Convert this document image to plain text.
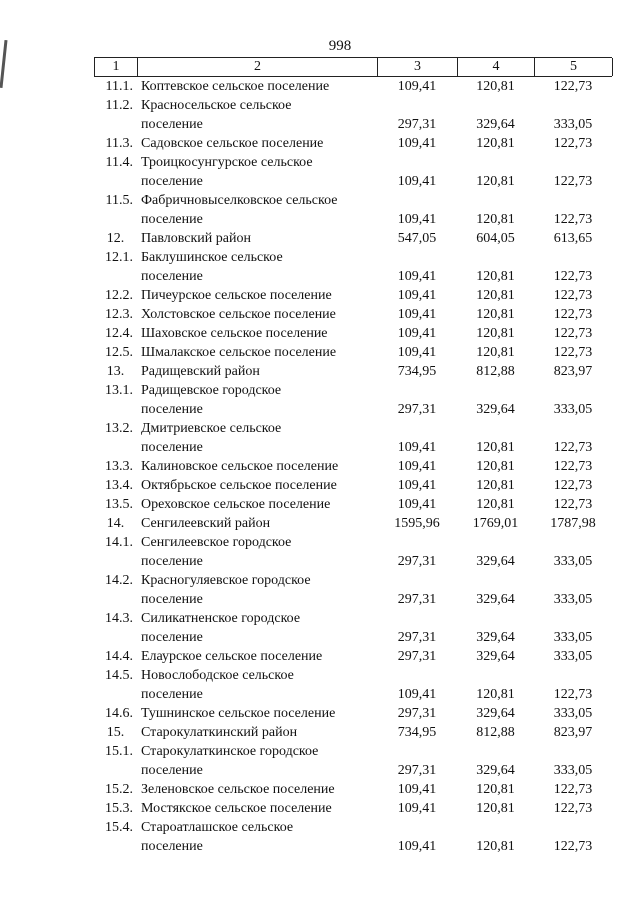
998
1	2	3	4	5
11.1. Коптевское сельское поселение	109,41	120,81	122,73
11.2. Красносельское сельское
поселение	297,31	329,64	333,05
11.3. Садовское сельское поселение	109,41	120,81	122,73
11.4. Троицкосунгурское сельское
поселение	109,41	120,81	122,73
11.5. Фабричновыселковское сельское
поселение	109,41	120,81	122,73
12.	Павловский район	547,05	604,05	613,65
12.1. Баклушинское сельское
поселение	109,41	120,81	122,73
12.2. Пичеурское сельское поселение	109,41	120,81	122,73
12.3. Холстовское сельское поселение	109,41	120,81	122,73
12.4. Шаховское сельское поселение	109,41	120,81	122,73
12.5. Шмалакское сельское поселение	109,41	120,81	122,73
13.	Радищевский район	734,95	812,88	823,97
13.1. Радищевское городское
поселение	297,31	329,64	333,05
13.2. Дмитриевское сельское
поселение	109,41	120,81	122,73
13.3. Калиновское сельское поселение	109,41	120,81	122,73
13.4. Октябрьское сельское поселение	109,41	120,81	122,73
13.5. Ореховское сельское поселение	109,41	120,81	122,73
14.	Сенгилеевский район	1595,96	1769,01	1787,98
14.1. Сенгилеевское городское
поселение	297,31	329,64	333,05
14.2. Красногуляевское городское
поселение	297,31	329,64	333,05
14.3. Силикатненское городское
поселение	297,31	329,64	333,05
14.4. Елаурское сельское поселение	297,31	329,64	333,05
14.5. Новослободское сельское
поселение	109,41	120,81	122,73
14.6. Тушнинское сельское поселение	297,31	329,64	333,05
15.	Старокулаткинский район	734,95	812,88	823,97
15.1. Старокулаткинское городское
поселение	297,31	329,64	333,05
15.2. Зеленовское сельское поселение	109,41	120,81	122,73
15.3. Мостякское сельское поселение	109,41	120,81	122,73
15.4. Староатлашское сельское
поселение	109,41	120,81	122,73
